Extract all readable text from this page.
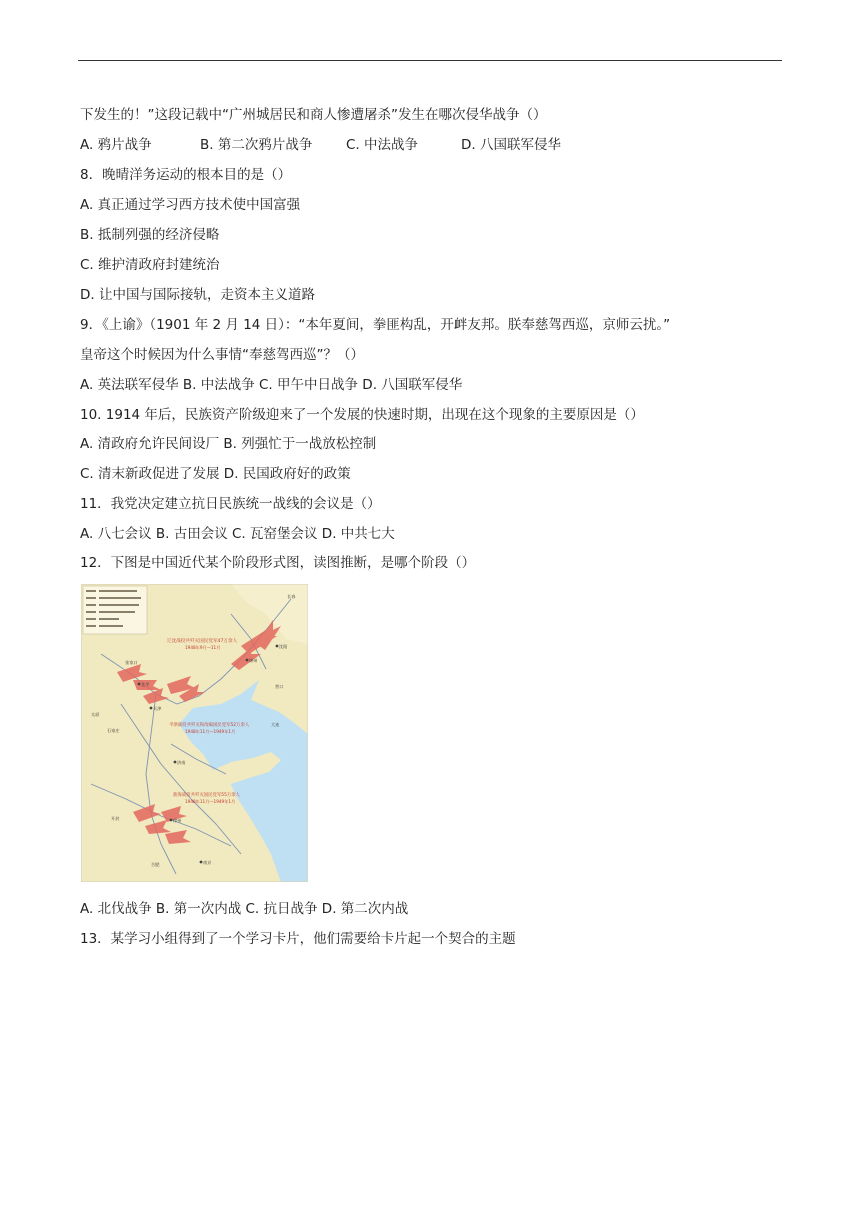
下发生的！”这段记载中“广州城居民和商人惨遭屠杀”发生在哪次侵华战争（）
A. 鸦片战争	B. 第二次鸦片战争 C. 中法战争	D. 八国联军侵华
8．晚晴洋务运动的根本目的是（）
A. 真正通过学习西方技术使中国富强
B. 抵制列强的经济侵略
C. 维护清政府封建统治
D. 让中国与国际接轨，走资本主义道路
9．《上谕》（1901 年 2 月 14 日）：“本年夏间，拳匪构乱，开衅友邦。朕奉慈驾西巡，京师云扰。”
皇帝这个时候因为什么事情“奉慈驾西巡”？（）
A. 英法联军侵华 B. 中法战争 C. 甲午中日战争 D. 八国联军侵华
10. 1914 年后，民族资产阶级迎来了一个发展的快速时期，出现在这个现象的主要原因是（）
A. 清政府允许民间设厂 B. 列强忙于一战放松控制
C. 清末新政促进了发展 D. 民国政府好的政策
11．我党决定建立抗日民族统一战线的会议是（）
A. 八七会议 B. 古田会议 C. 瓦窑堡会议 D. 中共七大
12．下图是中国近代某个阶段形式图，读图推断，是哪个阶段（）
辽沈战役共歼灭国民党军47万余人
1948年9月—11月
平津战役共歼灭和改编国民党军52万余人
1948年11月—1949年1月
淮海战役共歼灭国民党军55万余人
1948年11月—1949年1月
沈阳
锦州
天津
北平
张家口
太原
石家庄
济南
徐州
开封
南京
合肥
大连
长春
营口
A. 北伐战争 B. 第一次内战 C. 抗日战争 D. 第二次内战
13．某学习小组得到了一个学习卡片，他们需要给卡片起一个契合的主题
